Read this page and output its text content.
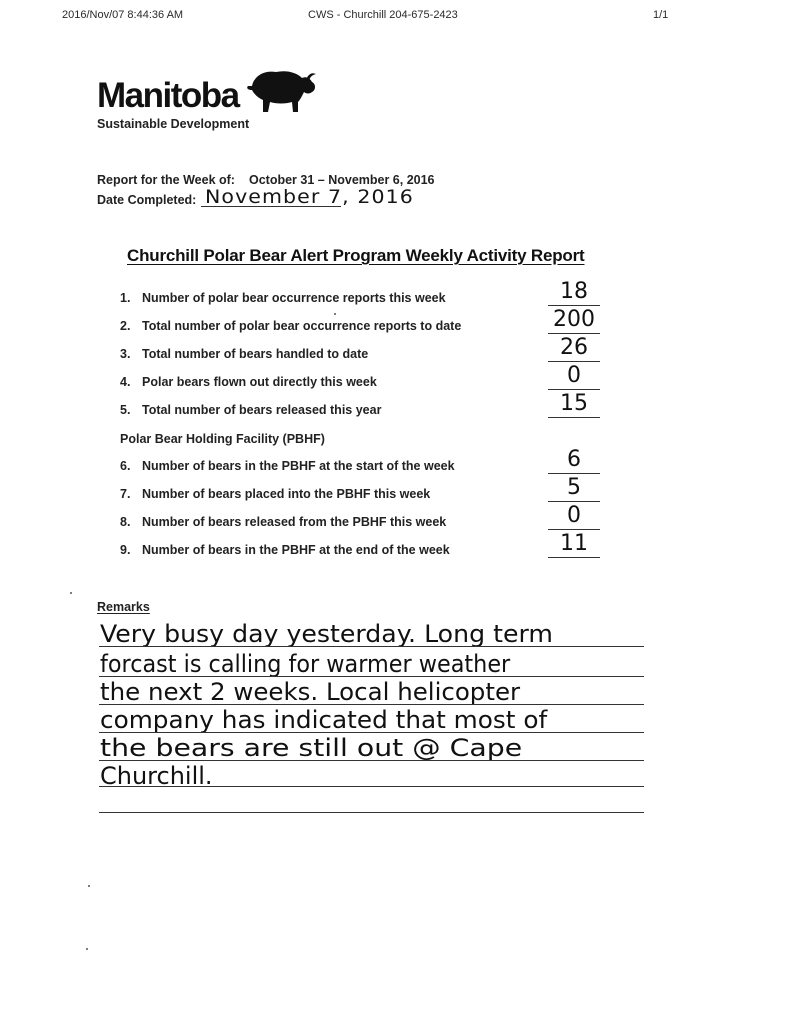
2016/Nov/07 8:44:36 AM	CWS - Churchill 204-675-2423	1/1
Manitoba
Sustainable Development
Report for the Week of: October 31 – November 6, 2016
Date Completed: November 7, 2016
Churchill Polar Bear Alert Program Weekly Activity Report
1. Number of polar bear occurrence reports this week	18
2. Total number of polar bear occurrence reports to date	200
3. Total number of bears handled to date	26
4. Polar bears flown out directly this week	0
5. Total number of bears released this year	15
Polar Bear Holding Facility (PBHF)
6. Number of bears in the PBHF at the start of the week	6
7. Number of bears placed into the PBHF this week	5
8. Number of bears released from the PBHF this week	0
9. Number of bears in the PBHF at the end of the week	11
Remarks
Very busy day yesterday. Long term
forcast is calling for warmer weather
the next 2 weeks. Local helicopter
company has indicated that most of
the bears are still out @ Cape
Churchill.
